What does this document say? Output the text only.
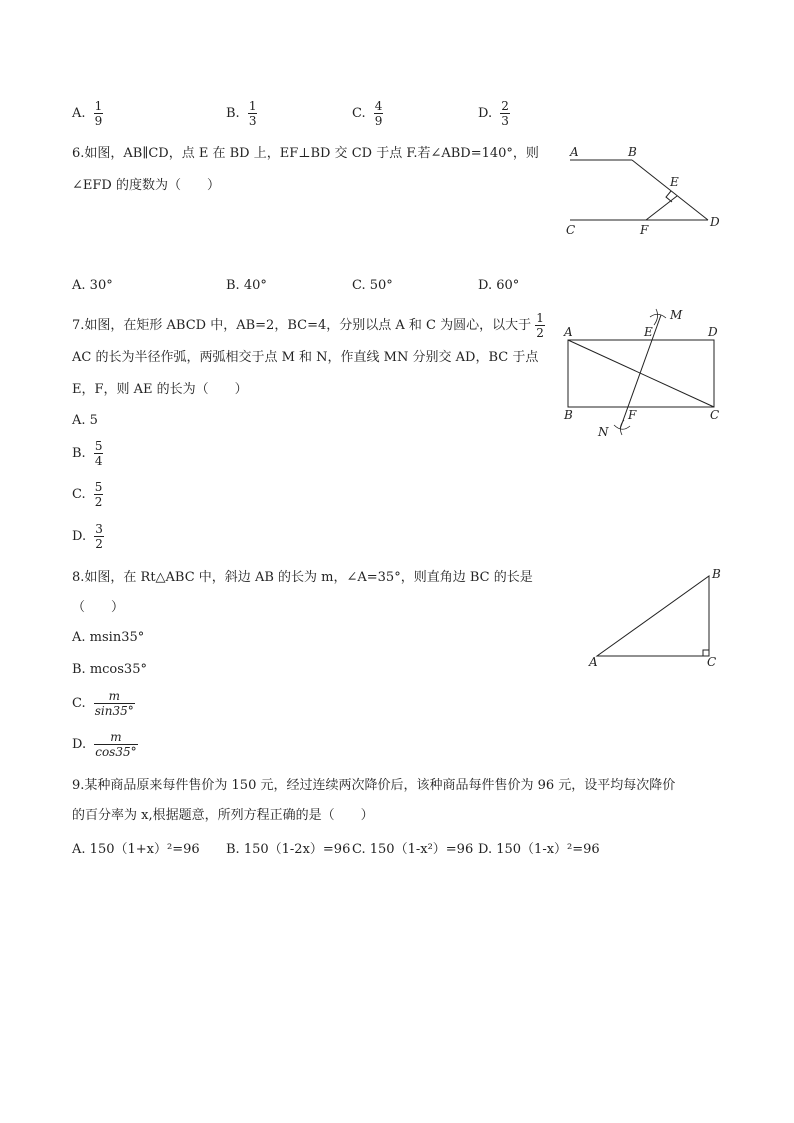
A. $\frac{1}{9}$	B. $\frac{1}{3}$	C. $\frac{4}{9}$	D. $\frac{2}{3}$
6.如图，AB∥CD，点 E 在 BD 上，EF⊥BD 交 CD 于点 F.若∠ABD=140°，则
∠EFD 的度数为（　　）
A	B
E
C	F
D
A. 30°	B. 40°	C. 50°	D. 60°
7.如图，在矩形 ABCD 中，AB=2，BC=4，分别以点 A 和 C 为圆心，以大于 $\frac{1}{2}$
AC 的长为半径作弧，两弧相交于点 M 和 N，作直线 MN 分别交 AD，BC 于点
E，F，则 AE 的长为（　　）
A	E
M
D
B	F	C
N
A. 5
B. $\frac{5}{4}$
C. $\frac{5}{2}$
D. $\frac{3}{2}$
8.如图，在 Rt△ABC 中，斜边 AB 的长为 m，∠A=35°，则直角边 BC 的长是
（　　）
B
A	C
A. msin35°
B. mcos35°
C. $\frac{m}{\sin 35^\circ}$
D. $\frac{m}{\cos 35^\circ}$
9.某种商品原来每件售价为 150 元，经过连续两次降价后，该种商品每件售价为 96 元，设平均每次降价
的百分率为 x,根据题意，所列方程正确的是（　　）
A. 150（1+x）²=96 B. 150（1-2x）=96 C. 150（1-x²）=96 D. 150（1-x）²=96
